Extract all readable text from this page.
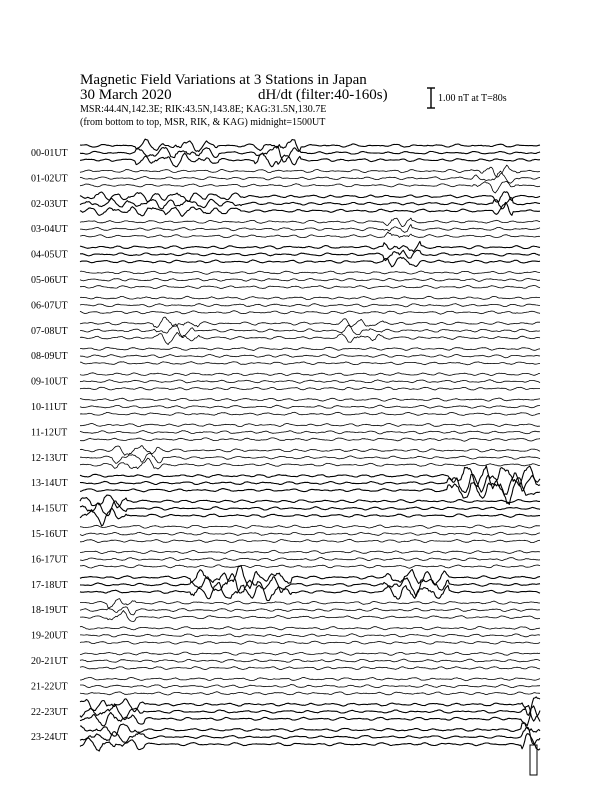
Magnetic Field Variations at 3 Stations in Japan
30 March 2020	dH/dt (filter:40-160s)
MSR:44.4N,142.3E; RIK:43.5N,143.8E; KAG:31.5N,130.7E
(from bottom to top, MSR, RIK, & KAG) midnight=1500UT
1.00 nT at T=80s
00-01UT
01-02UT
02-03UT
03-04UT
04-05UT
05-06UT
06-07UT
07-08UT
08-09UT
09-10UT
10-11UT
11-12UT
12-13UT
13-14UT
14-15UT
15-16UT
16-17UT
17-18UT
18-19UT
19-20UT
20-21UT
21-22UT
22-23UT
23-24UT
